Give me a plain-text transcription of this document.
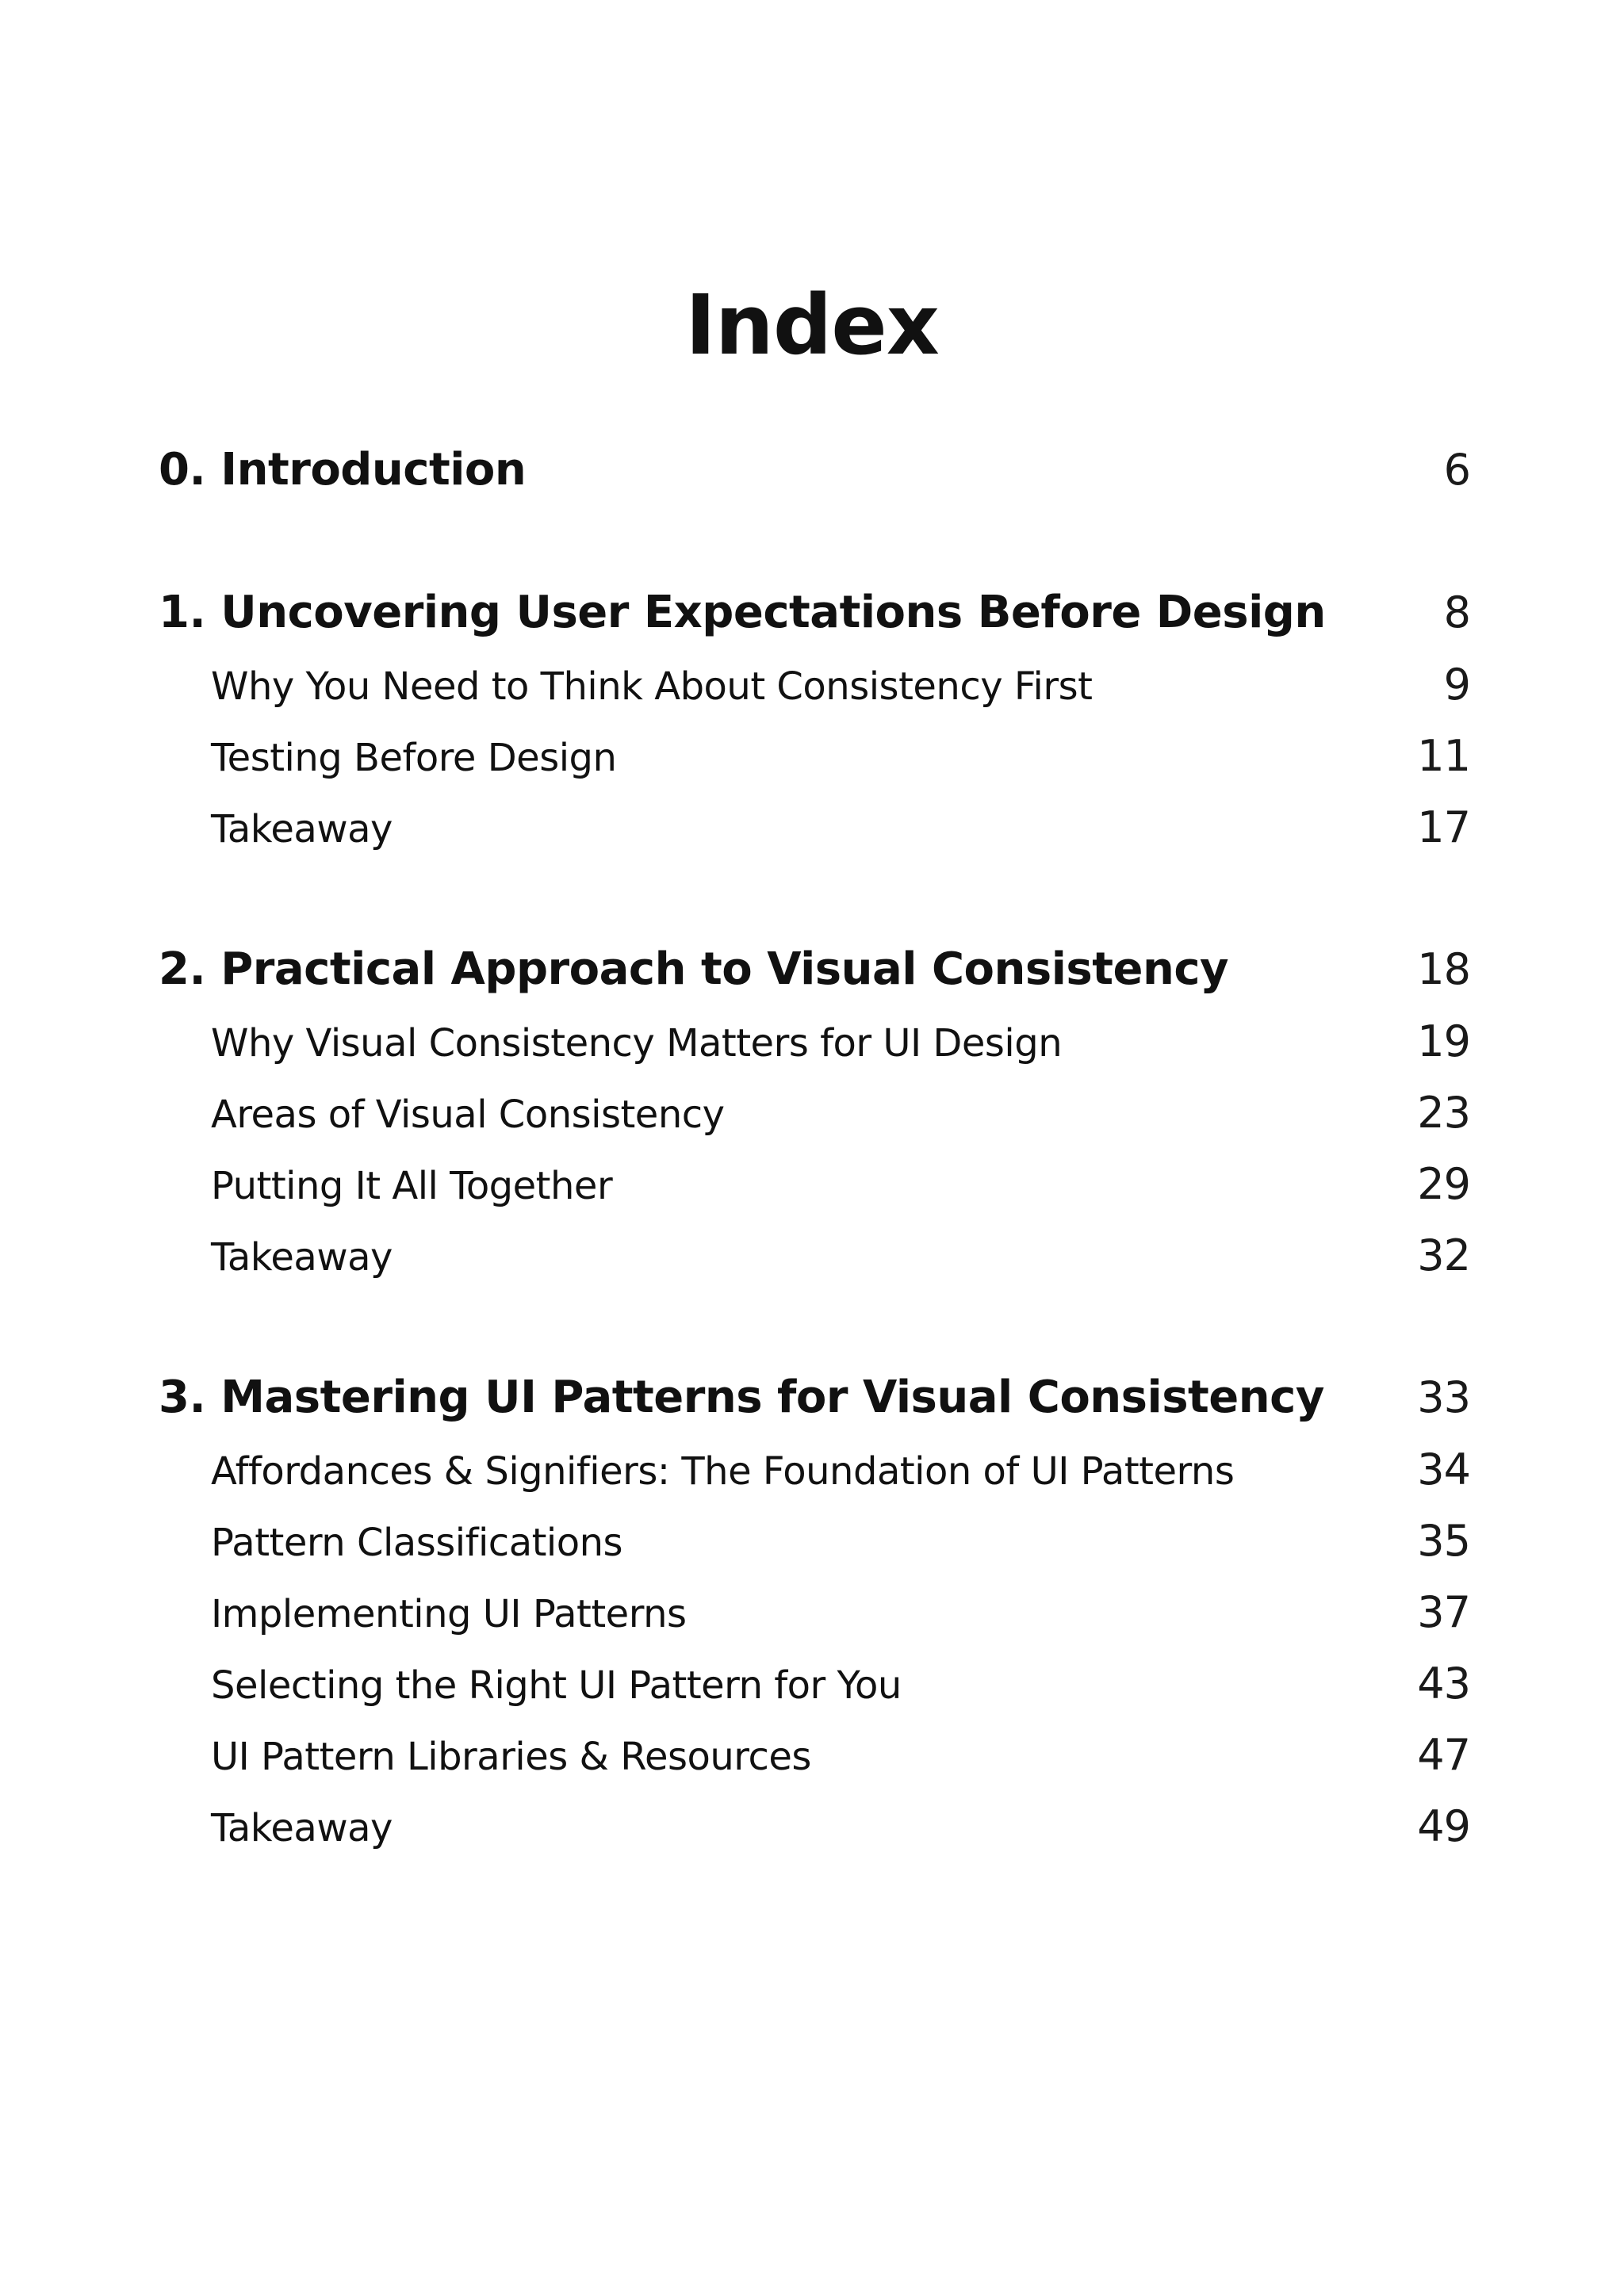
Index
0. Introduction	6
1. Uncovering User Expectations Before Design	8
Why You Need to Think About Consistency First	9
Testing Before Design	11
Takeaway	17
2. Practical Approach to Visual Consistency	18
Why Visual Consistency Matters for UI Design	19
Areas of Visual Consistency	23
Putting It All Together	29
Takeaway	32
3. Mastering UI Patterns for Visual Consistency 33
Affordances & Signifiers: The Foundation of UI Patterns	34
Pattern Classifications	35
Implementing UI Patterns	37
Selecting the Right UI Pattern for You	43
UI Pattern Libraries & Resources	47
Takeaway	49
